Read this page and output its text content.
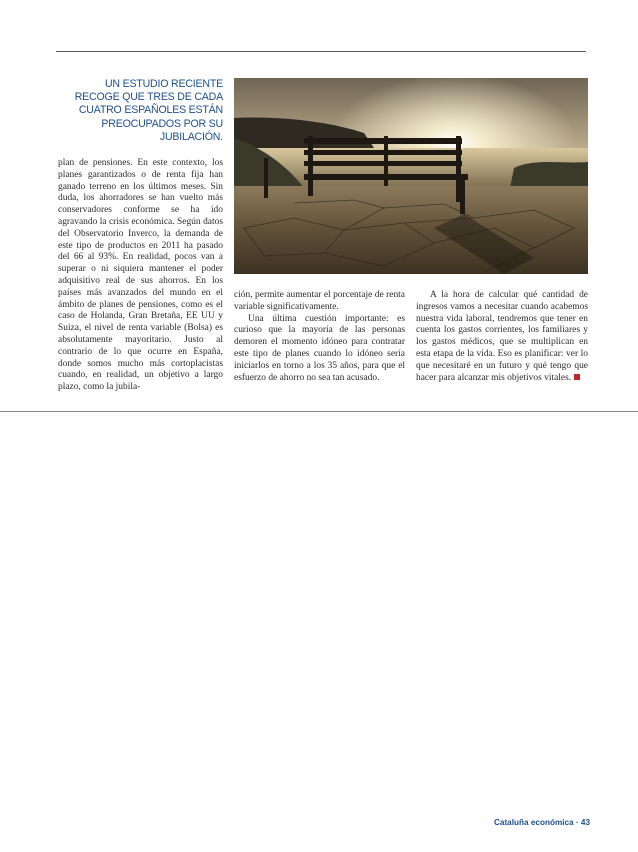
UN ESTUDIO RECIENTE RECOGE QUE TRES DE CADA CUATRO ESPAÑOLES ESTÁN PREOCUPADOS POR SU JUBILACIÓN.

plan de pensiones. En este contexto, los planes garantizados o de renta fija han ganado terreno en los últimos meses. Sin duda, los ahorradores se han vuelto más conservadores conforme se ha ido agravando la crisis económica. Según datos del Observatorio Inverco, la demanda de este tipo de productos en 2011 ha pasado del 66 al 93%. En realidad, pocos van a superar o ni siquiera mantener el poder adquisitivo real de sus ahorros. En los países más avanzados del mundo en el ámbito de planes de pensiones, como es el caso de Holanda, Gran Bretaña, EE UU y Suiza, el nivel de renta variable (Bolsa) es absolutamente mayoritario. Justo al contrario de lo que ocurre en España, donde somos mucho más cortoplacistas cuando, en realidad, un objetivo a largo plazo, como la jubila-

ción, permite aumentar el porcentaje de renta variable significativamente.

Una última cuestión importante: es curioso que la mayoría de las personas demoren el momento idóneo para contratar este tipo de planes cuando lo idóneo sería iniciarlos en torno a los 35 años, para que el esfuerzo de ahorro no sea tan acusado.

A la hora de calcular qué cantidad de ingresos vamos a necesitar cuando acabemos nuestra vida laboral, tendremos que tener en cuenta los gastos corrientes, los familiares y los gastos médicos, que se multiplican en esta etapa de la vida. Eso es planificar: ver lo que necesitaré en un futuro y qué tengo que hacer para alcanzar mis objetivos vitales.

Cataluña económica · 43
